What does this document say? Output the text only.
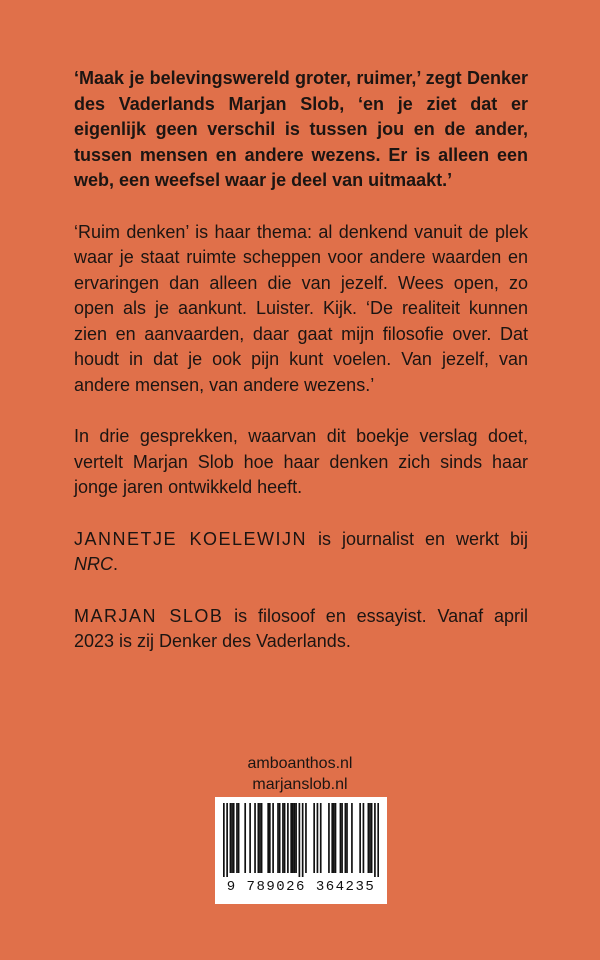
‘Maak je belevingswereld groter, ruimer,’ zegt Denker des Vaderlands Marjan Slob, ‘en je ziet dat er eigenlijk geen verschil is tussen jou en de ander, tussen mensen en andere wezens. Er is alleen een web, een weefsel waar je deel van uitmaakt.’

‘Ruim denken’ is haar thema: al denkend vanuit de plek waar je staat ruimte scheppen voor andere waarden en ervaringen dan alleen die van jezelf. Wees open, zo open als je aankunt. Luister. Kijk. ‘De realiteit kunnen zien en aanvaarden, daar gaat mijn filosofie over. Dat houdt in dat je ook pijn kunt voelen. Van jezelf, van andere mensen, van andere wezens.’

In drie gesprekken, waarvan dit boekje verslag doet, vertelt Marjan Slob hoe haar denken zich sinds haar jonge jaren ontwikkeld heeft.

JANNETJE KOELEWIJN is journalist en werkt bij NRC.

MARJAN SLOB is filosoof en essayist. Vanaf april 2023 is zij Denker des Vaderlands.

amboanthos.nl
marjanslob.nl
9 789026 364235
